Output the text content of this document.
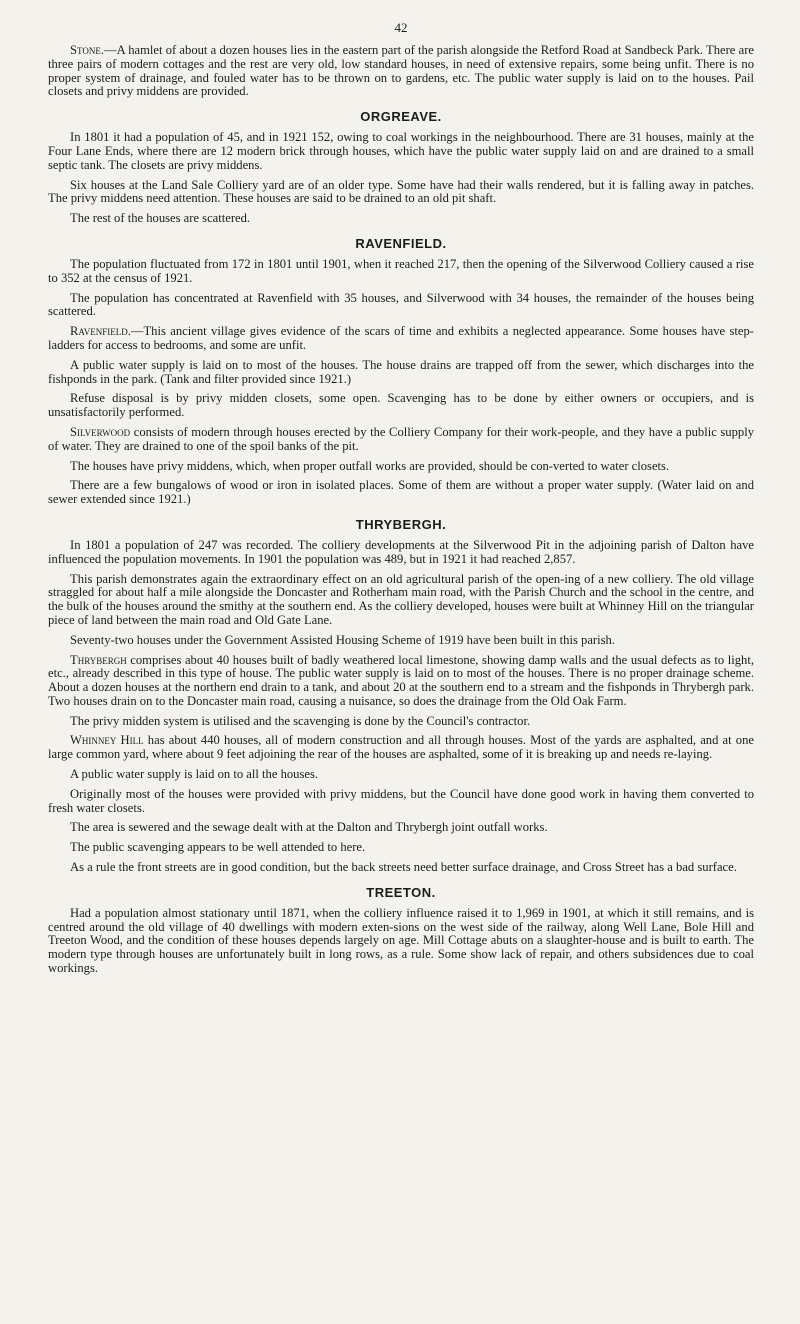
42

Stone.—A hamlet of about a dozen houses lies in the eastern part of the parish alongside the Retford Road at Sandbeck Park. There are three pairs of modern cottages and the rest are very old, low standard houses, in need of extensive repairs, some being unfit. There is no proper system of drainage, and fouled water has to be thrown on to gardens, etc. The public water supply is laid on to the houses. Pail closets and privy middens are provided.

ORGREAVE.

In 1801 it had a population of 45, and in 1921 152, owing to coal workings in the neighbourhood. There are 31 houses, mainly at the Four Lane Ends, where there are 12 modern brick through houses, which have the public water supply laid on and are drained to a small septic tank. The closets are privy middens.

Six houses at the Land Sale Colliery yard are of an older type. Some have had their walls rendered, but it is falling away in patches. The privy middens need attention. These houses are said to be drained to an old pit shaft.

The rest of the houses are scattered.

RAVENFIELD.

The population fluctuated from 172 in 1801 until 1901, when it reached 217, then the opening of the Silverwood Colliery caused a rise to 352 at the census of 1921.

The population has concentrated at Ravenfield with 35 houses, and Silverwood with 34 houses, the remainder of the houses being scattered.

Ravenfield.—This ancient village gives evidence of the scars of time and exhibits a neglected appearance. Some houses have step-ladders for access to bedrooms, and some are unfit.

A public water supply is laid on to most of the houses. The house drains are trapped off from the sewer, which discharges into the fishponds in the park. (Tank and filter provided since 1921.)

Refuse disposal is by privy midden closets, some open. Scavenging has to be done by either owners or occupiers, and is unsatisfactorily performed.

Silverwood consists of modern through houses erected by the Colliery Company for their work-people, and they have a public supply of water. They are drained to one of the spoil banks of the pit.

The houses have privy middens, which, when proper outfall works are provided, should be con-verted to water closets.

There are a few bungalows of wood or iron in isolated places. Some of them are without a proper water supply. (Water laid on and sewer extended since 1921.)

THRYBERGH.

In 1801 a population of 247 was recorded. The colliery developments at the Silverwood Pit in the adjoining parish of Dalton have influenced the population movements. In 1901 the population was 489, but in 1921 it had reached 2,857.

This parish demonstrates again the extraordinary effect on an old agricultural parish of the open-ing of a new colliery. The old village straggled for about half a mile alongside the Doncaster and Rotherham main road, with the Parish Church and the school in the centre, and the bulk of the houses around the smithy at the southern end. As the colliery developed, houses were built at Whinney Hill on the triangular piece of land between the main road and Old Gate Lane.

Seventy-two houses under the Government Assisted Housing Scheme of 1919 have been built in this parish.

Thrybergh comprises about 40 houses built of badly weathered local limestone, showing damp walls and the usual defects as to light, etc., already described in this type of house. The public water supply is laid on to most of the houses. There is no proper drainage scheme. About a dozen houses at the northern end drain to a tank, and about 20 at the southern end to a stream and the fishponds in Thrybergh park. Two houses drain on to the Doncaster main road, causing a nuisance, so does the drainage from the Old Oak Farm.

The privy midden system is utilised and the scavenging is done by the Council's contractor.

Whinney Hill has about 440 houses, all of modern construction and all through houses. Most of the yards are asphalted, and at one large common yard, where about 9 feet adjoining the rear of the houses are asphalted, some of it is breaking up and needs re-laying.

A public water supply is laid on to all the houses.

Originally most of the houses were provided with privy middens, but the Council have done good work in having them converted to fresh water closets.

The area is sewered and the sewage dealt with at the Dalton and Thrybergh joint outfall works.

The public scavenging appears to be well attended to here.

As a rule the front streets are in good condition, but the back streets need better surface drainage, and Cross Street has a bad surface.

TREETON.

Had a population almost stationary until 1871, when the colliery influence raised it to 1,969 in 1901, at which it still remains, and is centred around the old village of 40 dwellings with modern exten-sions on the west side of the railway, along Well Lane, Bole Hill and Treeton Wood, and the condition of these houses depends largely on age. Mill Cottage abuts on a slaughter-house and is built to earth. The modern type through houses are unfortunately built in long rows, as a rule. Some show lack of repair, and others subsidences due to coal workings.
